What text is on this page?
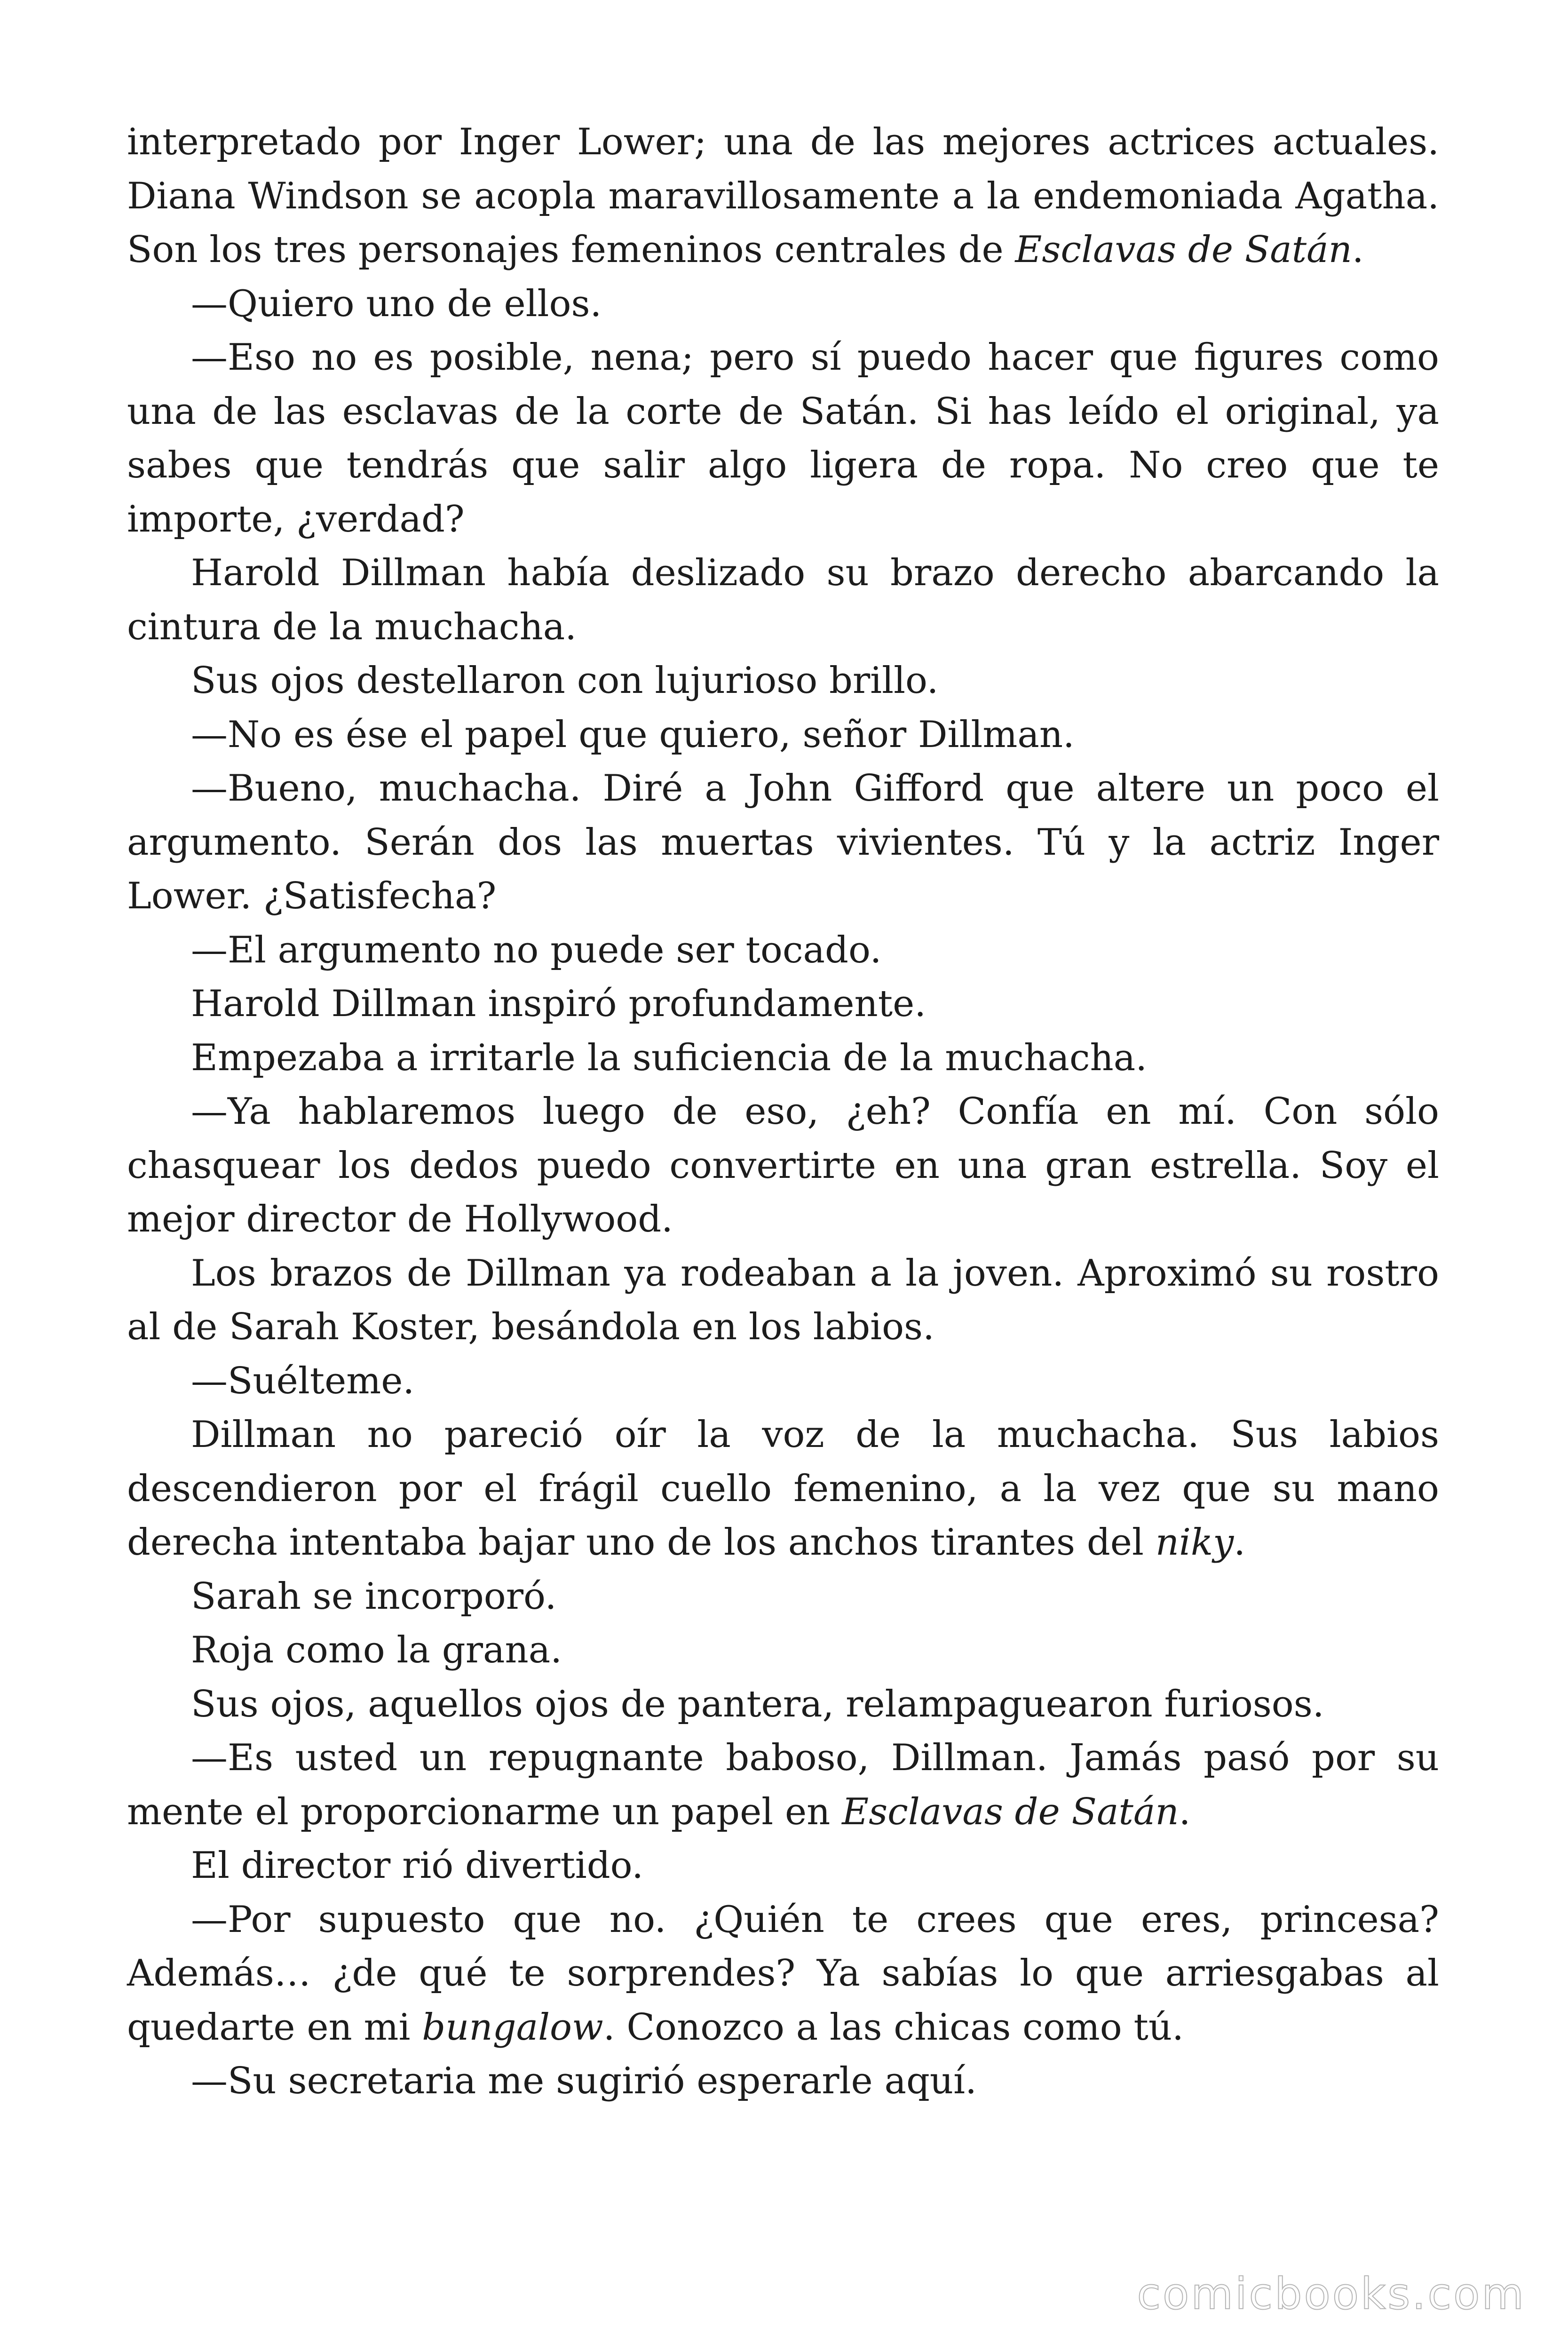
interpretado por Inger Lower; una de las mejores actrices actuales. Diana Windson se acopla maravillosamente a la endemoniada Agatha. Son los tres personajes femeninos centrales de Esclavas de Satán.

—Quiero uno de ellos.

—Eso no es posible, nena; pero sí puedo hacer que figures como una de las esclavas de la corte de Satán. Si has leído el original, ya sabes que tendrás que salir algo ligera de ropa. No creo que te importe, ¿verdad?

Harold Dillman había deslizado su brazo derecho abarcando la cintura de la muchacha.

Sus ojos destellaron con lujurioso brillo.

—No es ése el papel que quiero, señor Dillman.

—Bueno, muchacha. Diré a John Gifford que altere un poco el argumento. Serán dos las muertas vivientes. Tú y la actriz Inger Lower. ¿Satisfecha?

—El argumento no puede ser tocado.

Harold Dillman inspiró profundamente.

Empezaba a irritarle la suficiencia de la muchacha.

—Ya hablaremos luego de eso, ¿eh? Confía en mí. Con sólo chasquear los dedos puedo convertirte en una gran estrella. Soy el mejor director de Hollywood.

Los brazos de Dillman ya rodeaban a la joven. Aproximó su rostro al de Sarah Koster, besándola en los labios.

—Suélteme.

Dillman no pareció oír la voz de la muchacha. Sus labios descendieron por el frágil cuello femenino, a la vez que su mano derecha intentaba bajar uno de los anchos tirantes del niky.

Sarah se incorporó.

Roja como la grana.

Sus ojos, aquellos ojos de pantera, relampaguearon furiosos.

—Es usted un repugnante baboso, Dillman. Jamás pasó por su mente el proporcionarme un papel en Esclavas de Satán.

El director rió divertido.

—Por supuesto que no. ¿Quién te crees que eres, princesa? Además… ¿de qué te sorprendes? Ya sabías lo que arriesgabas al quedarte en mi bungalow. Conozco a las chicas como tú.

—Su secretaria me sugirió esperarle aquí.

comicbooks.com
